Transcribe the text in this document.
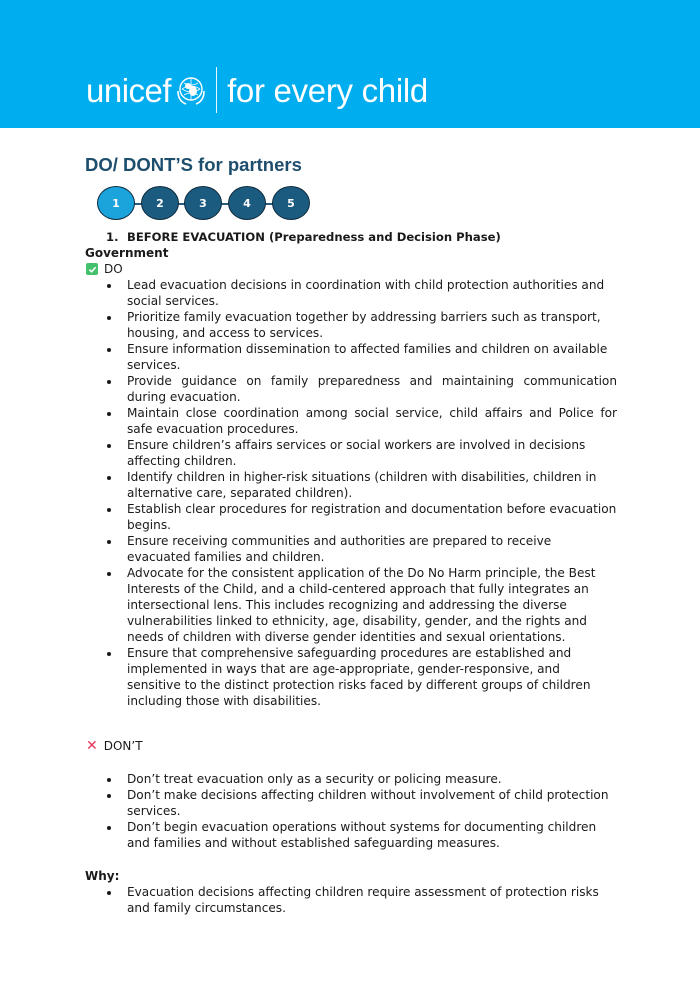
unicef for every child
DO/ DONT’S for partners
1	2	3	4	5
1. BEFORE EVACUATION (Preparedness and Decision Phase)
Government
DO
Lead evacuation decisions in coordination with child protection authorities and social services.
Prioritize family evacuation together by addressing barriers such as transport, housing, and access to services.
Ensure information dissemination to affected families and children on available services.
Provide guidance on family preparedness and maintaining communication during evacuation.
Maintain close coordination among social service, child affairs and Police for safe evacuation procedures.
Ensure children’s affairs services or social workers are involved in decisions affecting children.
Identify children in higher-risk situations (children with disabilities, children in alternative care, separated children).
Establish clear procedures for registration and documentation before evacuation begins.
Ensure receiving communities and authorities are prepared to receive evacuated families and children.
Advocate for the consistent application of the Do No Harm principle, the Best Interests of the Child, and a child-centered approach that fully integrates an intersectional lens. This includes recognizing and addressing the diverse vulnerabilities linked to ethnicity, age, disability, gender, and the rights and needs of children with diverse gender identities and sexual orientations.
Ensure that comprehensive safeguarding procedures are established and implemented in ways that are age-appropriate, gender-responsive, and sensitive to the distinct protection risks faced by different groups of children including those with disabilities.
✕ DON’T
Don’t treat evacuation only as a security or policing measure.
Don’t make decisions affecting children without involvement of child protection services.
Don’t begin evacuation operations without systems for documenting children and families and without established safeguarding measures.
Why:
Evacuation decisions affecting children require assessment of protection risks and family circumstances.
